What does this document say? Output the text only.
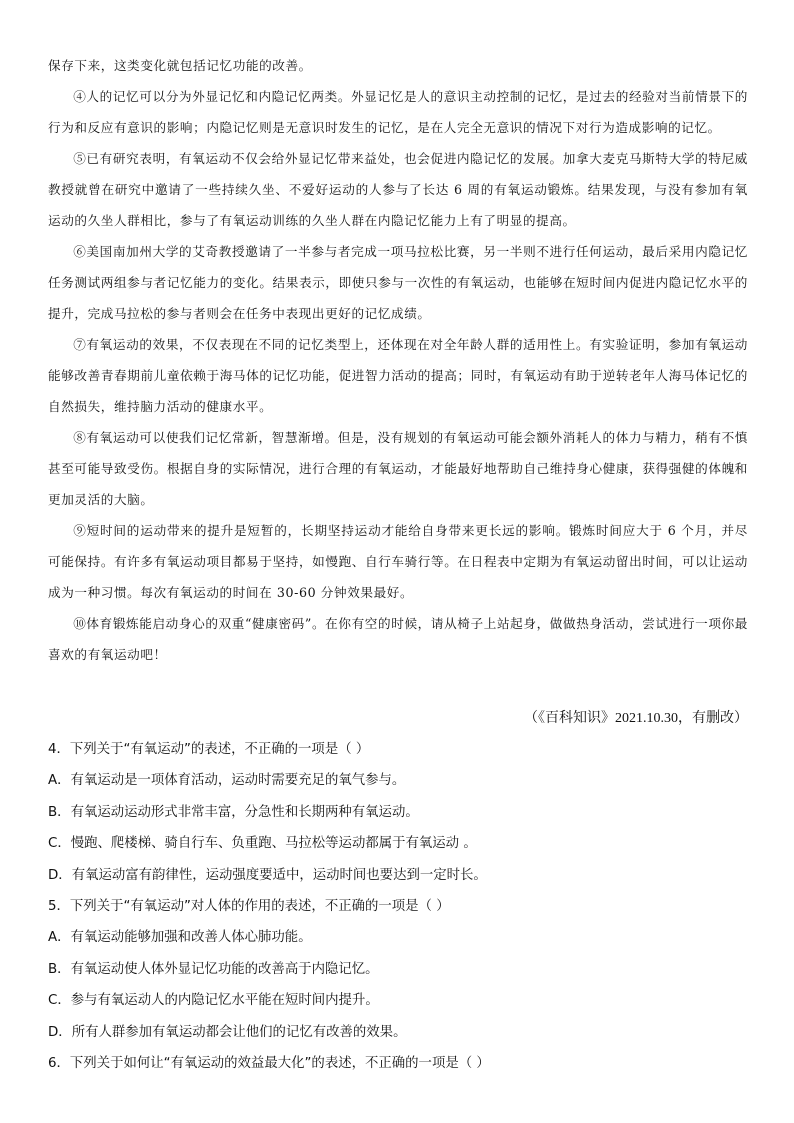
保存下来，这类变化就包括记忆功能的改善。

④人的记忆可以分为外显记忆和内隐记忆两类。外显记忆是人的意识主动控制的记忆，是过去的经验对当前情景下的行为和反应有意识的影响；内隐记忆则是无意识时发生的记忆，是在人完全无意识的情况下对行为造成影响的记忆。

⑤已有研究表明，有氧运动不仅会给外显记忆带来益处，也会促进内隐记忆的发展。加拿大麦克马斯特大学的特尼威教授就曾在研究中邀请了一些持续久坐、不爱好运动的人参与了长达 6 周的有氧运动锻炼。结果发现，与没有参加有氧运动的久坐人群相比，参与了有氧运动训练的久坐人群在内隐记忆能力上有了明显的提高。

⑥美国南加州大学的艾奇教授邀请了一半参与者完成一项马拉松比赛，另一半则不进行任何运动，最后采用内隐记忆任务测试两组参与者记忆能力的变化。结果表示，即使只参与一次性的有氧运动，也能够在短时间内促进内隐记忆水平的提升，完成马拉松的参与者则会在任务中表现出更好的记忆成绩。

⑦有氧运动的效果，不仅表现在不同的记忆类型上，还体现在对全年龄人群的适用性上。有实验证明，参加有氧运动能够改善青春期前儿童依赖于海马体的记忆功能，促进智力活动的提高；同时，有氧运动有助于逆转老年人海马体记忆的自然损失，维持脑力活动的健康水平。

⑧有氧运动可以使我们记忆常新，智慧渐增。但是，没有规划的有氧运动可能会额外消耗人的体力与精力，稍有不慎甚至可能导致受伤。根据自身的实际情况，进行合理的有氧运动，才能最好地帮助自己维持身心健康，获得强健的体魄和更加灵活的大脑。

⑨短时间的运动带来的提升是短暂的，长期坚持运动才能给自身带来更长远的影响。锻炼时间应大于 6 个月，并尽可能保持。有许多有氧运动项目都易于坚持，如慢跑、自行车骑行等。在日程表中定期为有氧运动留出时间，可以让运动成为一种习惯。每次有氧运动的时间在 30-60 分钟效果最好。

⑩体育锻炼能启动身心的双重“健康密码”。在你有空的时候，请从椅子上站起身，做做热身活动，尝试进行一项你最喜欢的有氧运动吧！

（《百科知识》2021.10.30，有删改）
4．下列关于“有氧运动”的表述，不正确的一项是（ ）
A．有氧运动是一项体育活动，运动时需要充足的氧气参与。
B．有氧运动运动形式非常丰富，分急性和长期两种有氧运动。
C．慢跑、爬楼梯、骑自行车、负重跑、马拉松等运动都属于有氧运动 。
D．有氧运动富有韵律性，运动强度要适中，运动时间也要达到一定时长。
5．下列关于“有氧运动”对人体的作用的表述，不正确的一项是（ ）
A．有氧运动能够加强和改善人体心肺功能。
B．有氧运动使人体外显记忆功能的改善高于内隐记忆。
C．参与有氧运动人的内隐记忆水平能在短时间内提升。
D．所有人群参加有氧运动都会让他们的记忆有改善的效果。
6．下列关于如何让“有氧运动的效益最大化”的表述，不正确的一项是（ ）
